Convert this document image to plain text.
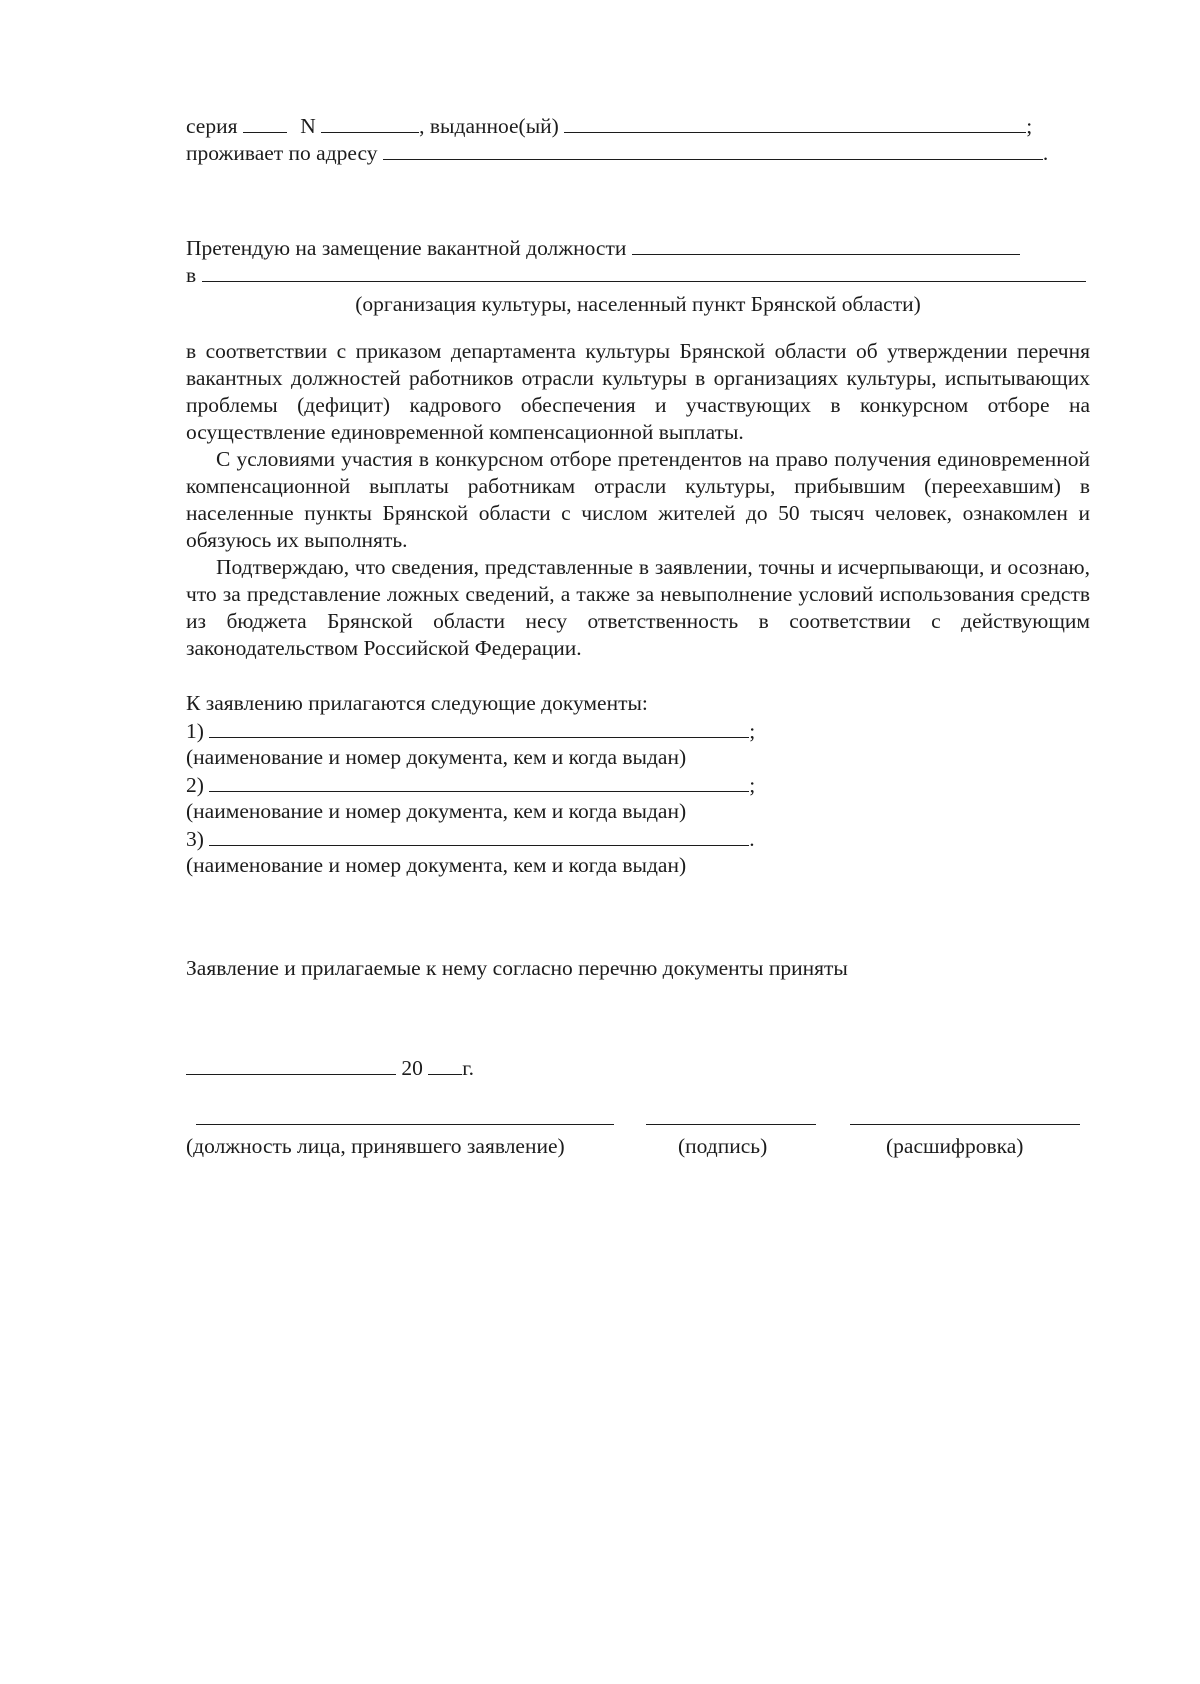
серия	N	, выданное(ый)	;
проживает по адресу	.
Претендую на замещение вакантной должности
в
(организация культуры, населенный пункт Брянской области)
в соответствии с приказом департамента культуры Брянской области об утверждении перечня вакантных должностей работников отрасли культуры в организациях культуры, испытывающих проблемы (дефицит) кадрового обеспечения и участвующих в конкурсном отборе на осуществление единовременной компенсационной выплаты.
С условиями участия в конкурсном отборе претендентов на право получения единовременной компенсационной выплаты работникам отрасли культуры, прибывшим (переехавшим) в населенные пункты Брянской области с числом жителей до 50 тысяч человек, ознакомлен и обязуюсь их выполнять.
Подтверждаю, что сведения, представленные в заявлении, точны и исчерпывающи, и осознаю, что за представление ложных сведений, а также за невыполнение условий использования средств из бюджета Брянской области несу ответственность в соответствии с действующим законодательством Российской Федерации.
К заявлению прилагаются следующие документы:
1)	;
(наименование и номер документа, кем и когда выдан)
2)	;
(наименование и номер документа, кем и когда выдан)
3)	.
(наименование и номер документа, кем и когда выдан)
Заявление и прилагаемые к нему согласно перечню документы приняты
20 г.
(должность лица, принявшего заявление)	(подпись)	(расшифровка)
